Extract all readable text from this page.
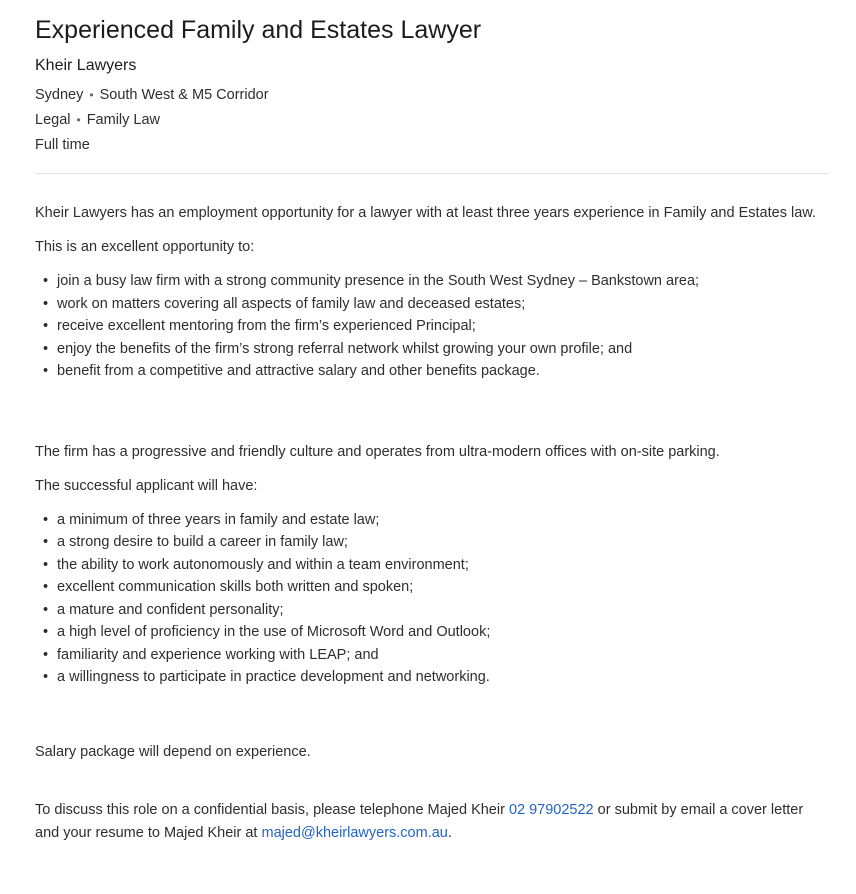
Experienced Family and Estates Lawyer
Kheir Lawyers
Sydney • South West & M5 Corridor
Legal • Family Law
Full time

Kheir Lawyers has an employment opportunity for a lawyer with at least three years experience in Family and Estates law.

This is an excellent opportunity to:

• join a busy law firm with a strong community presence in the South West Sydney – Bankstown area;
• work on matters covering all aspects of family law and deceased estates;
• receive excellent mentoring from the firm’s experienced Principal;
• enjoy the benefits of the firm’s strong referral network whilst growing your own profile; and
• benefit from a competitive and attractive salary and other benefits package.

The firm has a progressive and friendly culture and operates from ultra-modern offices with on-site parking.

The successful applicant will have:

• a minimum of three years in family and estate law;
• a strong desire to build a career in family law;
• the ability to work autonomously and within a team environment;
• excellent communication skills both written and spoken;
• a mature and confident personality;
• a high level of proficiency in the use of Microsoft Word and Outlook;
• familiarity and experience working with LEAP; and
• a willingness to participate in practice development and networking.

Salary package will depend on experience.

To discuss this role on a confidential basis, please telephone Majed Kheir 02 97902522 or submit by email a cover letter and your resume to Majed Kheir at majed@kheirlawyers.com.au.
